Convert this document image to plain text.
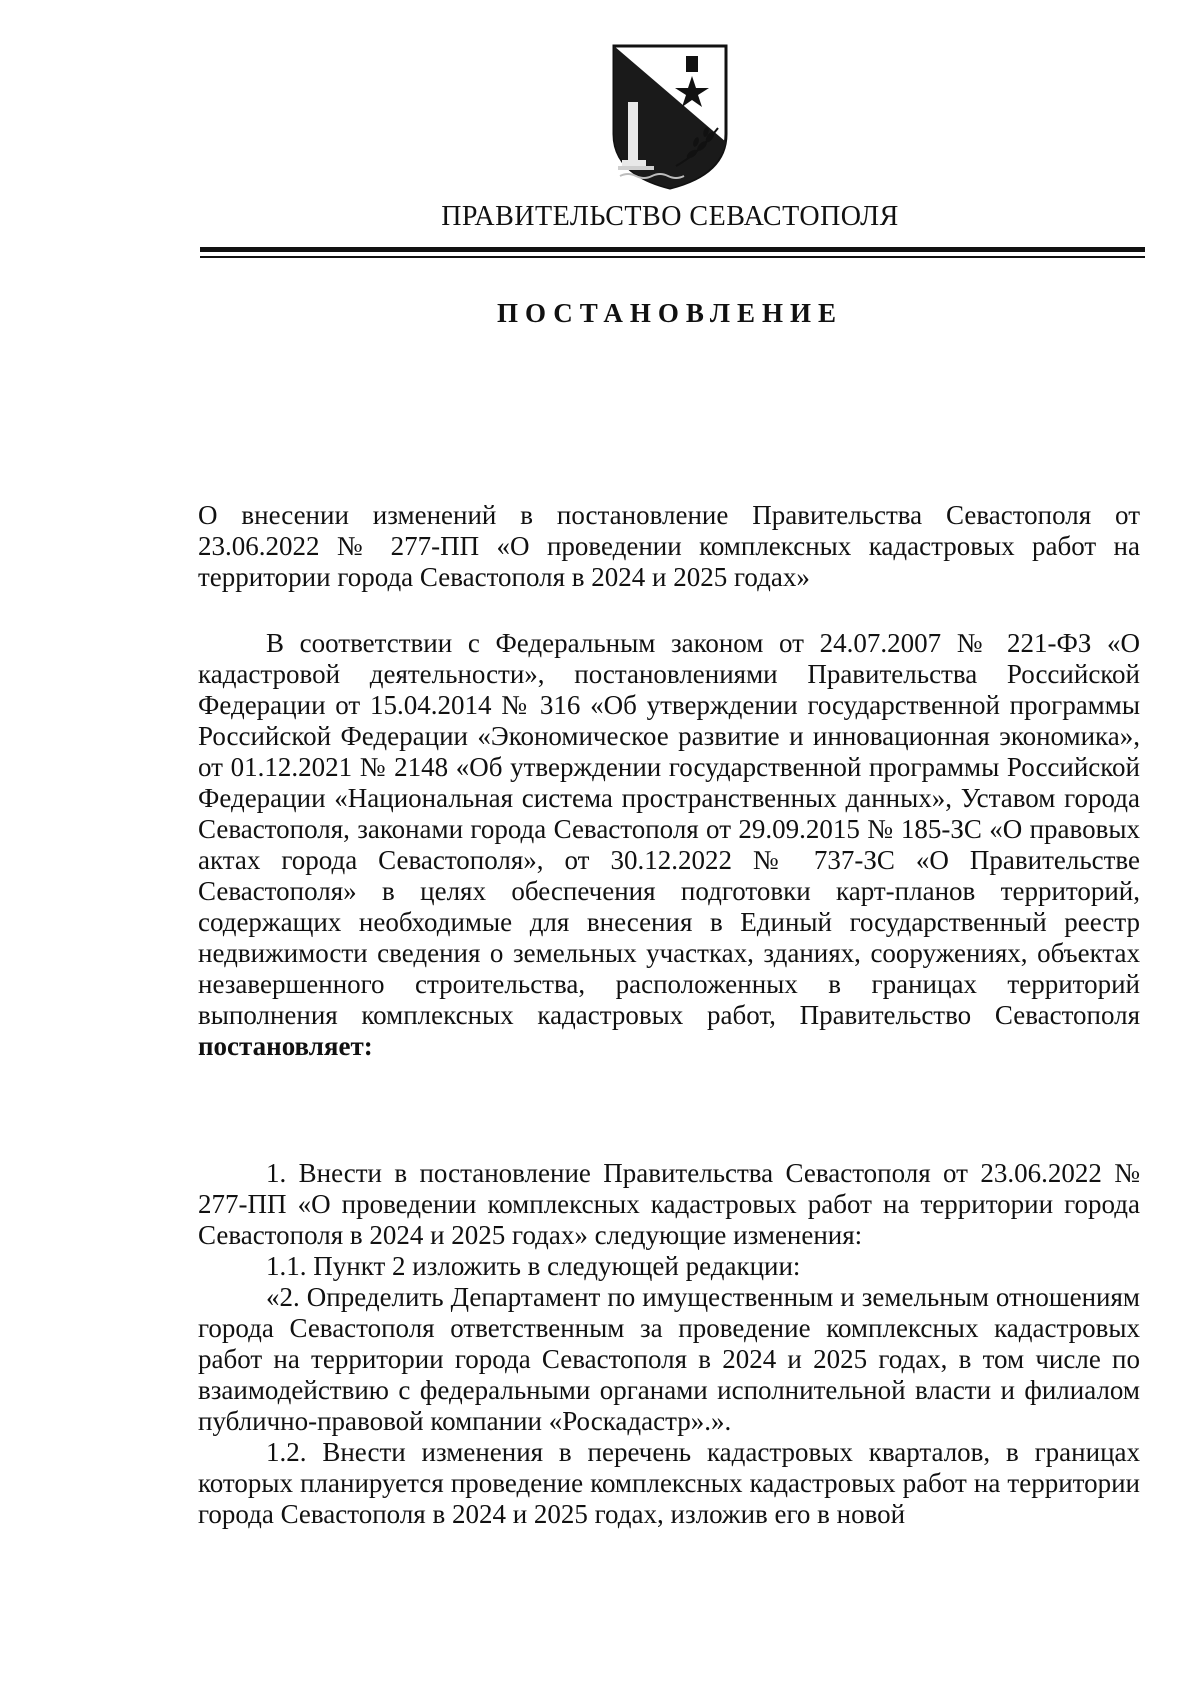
ПРАВИТЕЛЬСТВО СЕВАСТОПОЛЯ
ПОСТАНОВЛЕНИЕ

О внесении изменений в постановление Правительства Севастополя от 23.06.2022 № 277-ПП «О проведении комплексных кадастровых работ на территории города Севастополя в 2024 и 2025 годах»

В соответствии с Федеральным законом от 24.07.2007 № 221-ФЗ «О кадастровой деятельности», постановлениями Правительства Российской Федерации от 15.04.2014 № 316 «Об утверждении государственной программы Российской Федерации «Экономическое развитие и инновационная экономика», от 01.12.2021 № 2148 «Об утверждении государственной программы Российской Федерации «Национальная система пространственных данных», Уставом города Севастополя, законами города Севастополя от 29.09.2015 № 185-ЗС «О правовых актах города Севастополя», от 30.12.2022 № 737-ЗС «О Правительстве Севастополя» в целях обеспечения подготовки карт-планов территорий, содержащих необходимые для внесения в Единый государственный реестр недвижимости сведения о земельных участках, зданиях, сооружениях, объектах незавершенного строительства, расположенных в границах территорий выполнения комплексных кадастровых работ, Правительство Севастополя постановляет:

1. Внести в постановление Правительства Севастополя от 23.06.2022 № 277-ПП «О проведении комплексных кадастровых работ на территории города Севастополя в 2024 и 2025 годах» следующие изменения:

1.1. Пункт 2 изложить в следующей редакции:

«2. Определить Департамент по имущественным и земельным отношениям города Севастополя ответственным за проведение комплексных кадастровых работ на территории города Севастополя в 2024 и 2025 годах, в том числе по взаимодействию с федеральными органами исполнительной власти и филиалом публично-правовой компании «Роскадастр».».

1.2. Внести изменения в перечень кадастровых кварталов, в границах которых планируется проведение комплексных кадастровых работ на территории города Севастополя в 2024 и 2025 годах, изложив его в новой
